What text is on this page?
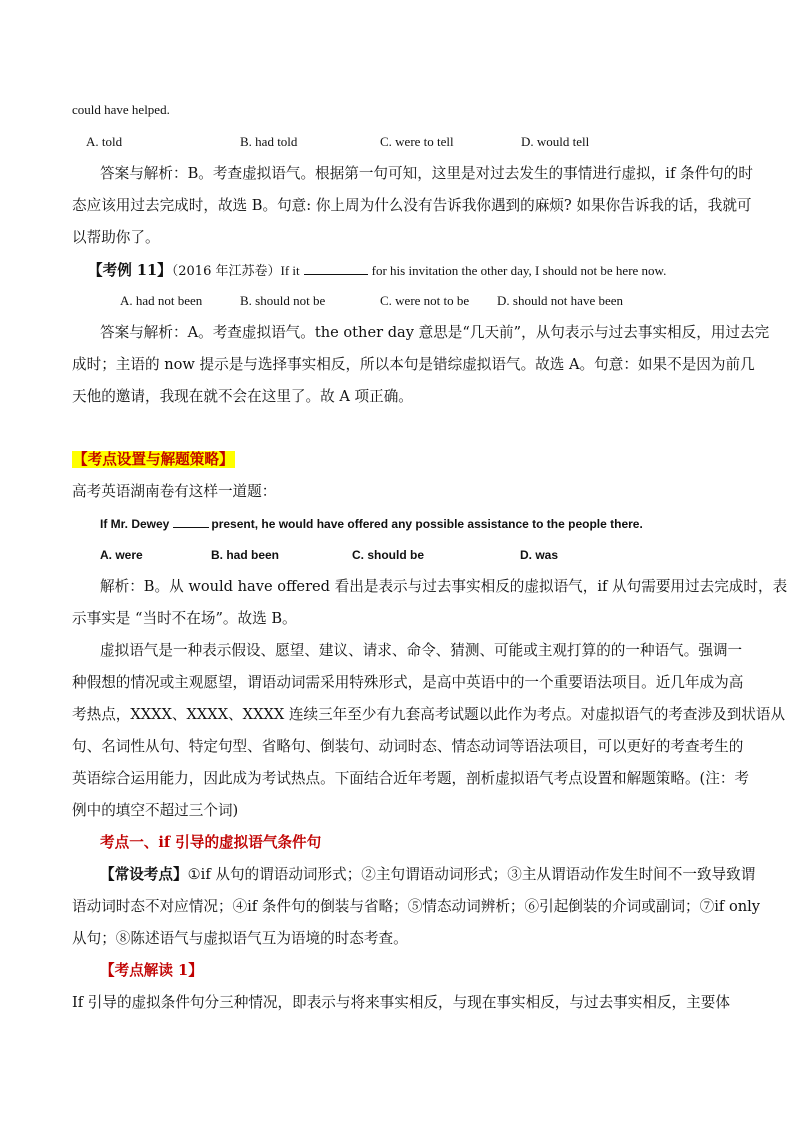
could have helped.
A. told	B. had told	C. were to tell	D. would tell
答案与解析：B。考查虚拟语气。根据第一句可知，这里是对过去发生的事情进行虚拟，if 条件句的时
态应该用过去完成时，故选 B。句意: 你上周为什么没有告诉我你遇到的麻烦? 如果你告诉我的话，我就可
以帮助你了。
【考例 11】（2016 年江苏卷）If it	for his invitation the other day, I should not be here now.
A. had not been	B. should not be	C. were not to be D. should not have been
答案与解析：A。考查虚拟语气。the other day 意思是“几天前”，从句表示与过去事实相反，用过去完
成时；主语的 now 提示是与选择事实相反，所以本句是错综虚拟语气。故选 A。句意：如果不是因为前几
天他的邀请，我现在就不会在这里了。故 A 项正确。
【考点设置与解题策略】
高考英语湖南卷有这样一道题：
If Mr. Dewey	present, he would have offered any possible assistance to the people there.
A. were	B. had been	C. should be	D. was
解析：B。从 would have offered 看出是表示与过去事实相反的虚拟语气，if 从句需要用过去完成时，表
示事实是 “当时不在场”。故选 B。
虚拟语气是一种表示假设、愿望、建议、请求、命令、猜测、可能或主观打算的的一种语气。强调一
种假想的情况或主观愿望，谓语动词需采用特殊形式，是高中英语中的一个重要语法项目。近几年成为高
考热点，XXXX、XXXX、XXXX 连续三年至少有九套高考试题以此作为考点。对虚拟语气的考查涉及到状语从
句、名词性从句、特定句型、省略句、倒装句、动词时态、情态动词等语法项目，可以更好的考查考生的
英语综合运用能力，因此成为考试热点。下面结合近年考题，剖析虚拟语气考点设置和解题策略。(注：考
例中的填空不超过三个词)
考点一、if 引导的虚拟语气条件句
【常设考点】①if 从句的谓语动词形式；②主句谓语动词形式；③主从谓语动作发生时间不一致导致谓
语动词时态不对应情况；④if 条件句的倒装与省略；⑤情态动词辨析；⑥引起倒装的介词或副词；⑦if only
从句；⑧陈述语气与虚拟语气互为语境的时态考查。
【考点解读 1】
If 引导的虚拟条件句分三种情况，即表示与将来事实相反，与现在事实相反，与过去事实相反，主要体
